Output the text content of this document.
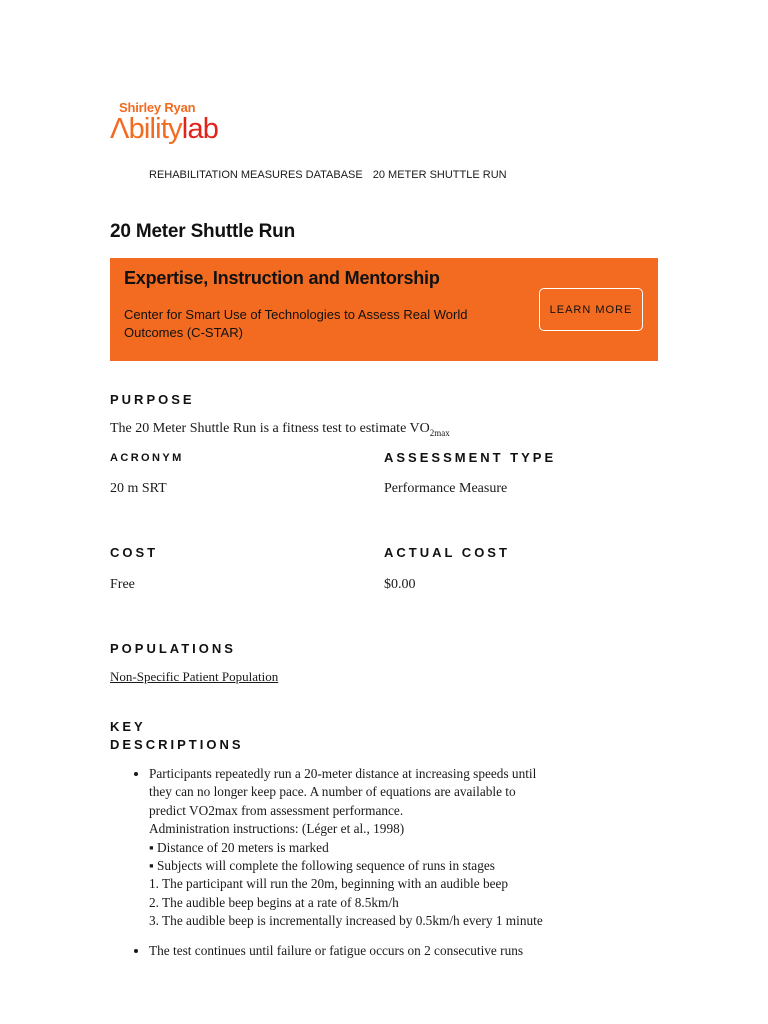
Shirley Ryan
Λbilitylab
REHABILITATION MEASURES DATABASE 20 METER SHUTTLE RUN
20 Meter Shuttle Run
Expertise, Instruction and Mentorship

Center for Smart Use of Technologies to Assess Real World Outcomes (C-STAR)

LEARN MORE
PURPOSE

The 20 Meter Shuttle Run is a fitness test to estimate $VO_{2max}$

ACRONYM

20 m SRT

ASSESSMENT TYPE

Performance Measure

COST

Free

ACTUAL COST

$0.00

POPULATIONS
Non-Specific Patient Population
KEY
DESCRIPTIONS
• Participants repeatedly run a 20-meter distance at increasing speeds until they can no longer keep pace. A number of equations are available to predict VO2max from assessment performance.
Administration instructions: (Léger et al., 1998)
▪ Distance of 20 meters is marked
▪ Subjects will complete the following sequence of runs in stages
1. The participant will run the 20m, beginning with an audible beep
2. The audible beep begins at a rate of 8.5km/h
3. The audible beep is incrementally increased by 0.5km/h every 1 minute
• The test continues until failure or fatigue occurs on 2 consecutive runs
